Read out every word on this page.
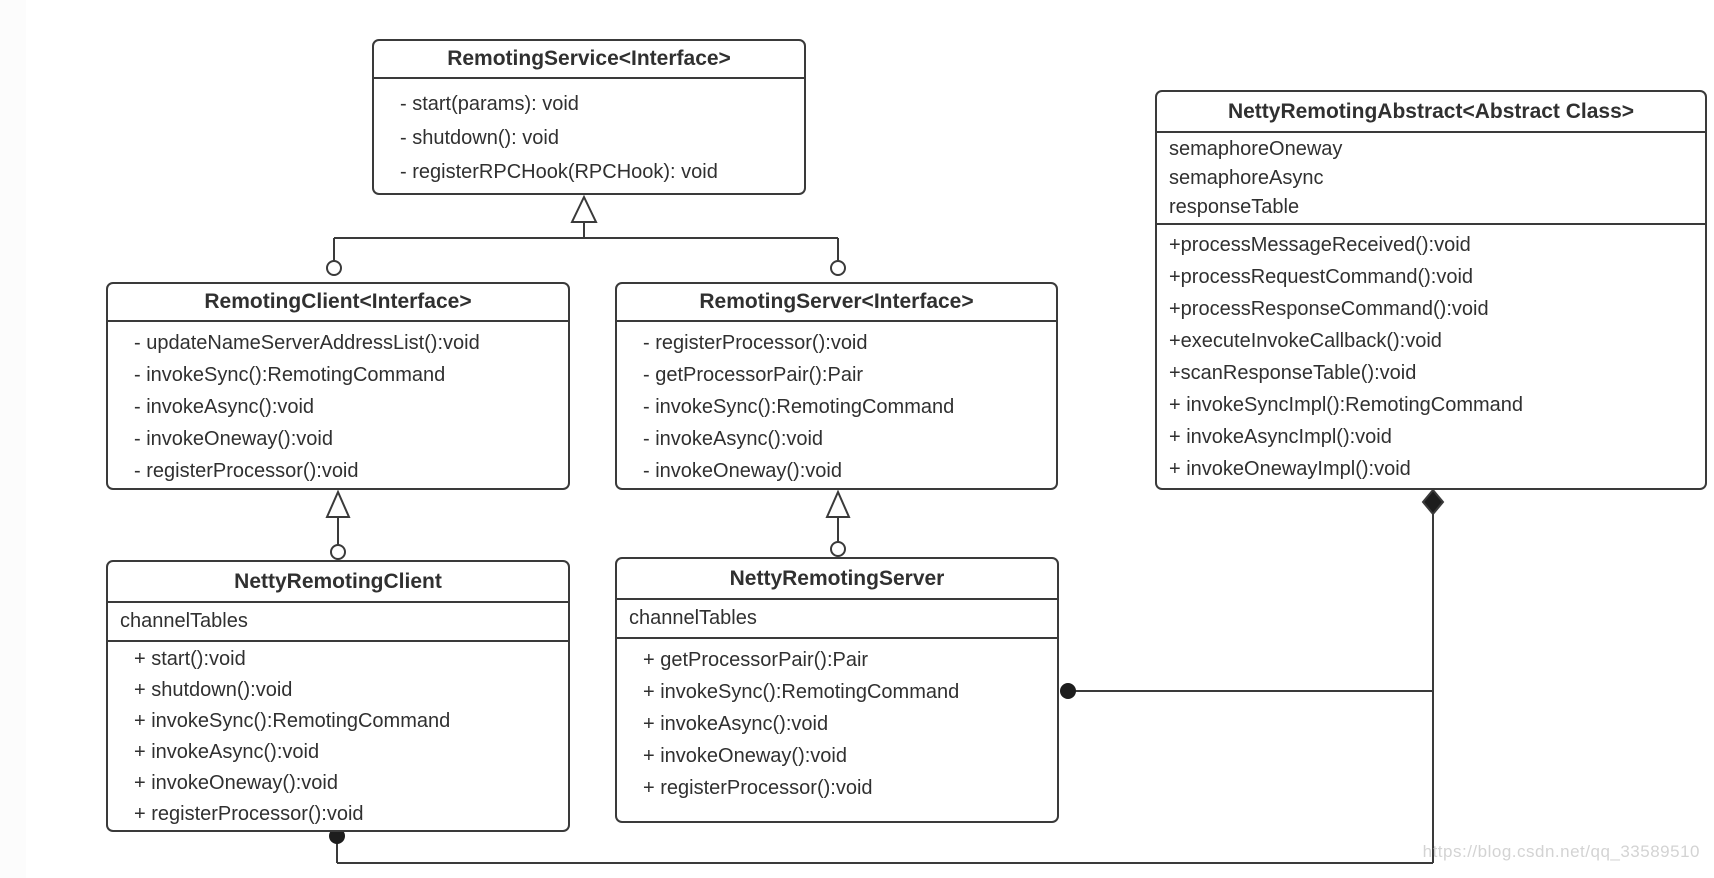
RemotingService<Interface>
- start(params): void
- shutdown(): void
- registerRPCHook(RPCHook): void
RemotingClient<Interface>
- updateNameServerAddressList():void
- invokeSync():RemotingCommand
- invokeAsync():void
- invokeOneway():void
- registerProcessor():void
RemotingServer<Interface>
- registerProcessor():void
- getProcessorPair():Pair
- invokeSync():RemotingCommand
- invokeAsync():void
- invokeOneway():void
NettyRemotingClient
channelTables
+ start():void
+ shutdown():void
+ invokeSync():RemotingCommand
+ invokeAsync():void
+ invokeOneway():void
+ registerProcessor():void
NettyRemotingServer
channelTables
+ getProcessorPair():Pair
+ invokeSync():RemotingCommand
+ invokeAsync():void
+ invokeOneway():void
+ registerProcessor():void
NettyRemotingAbstract<Abstract Class>
semaphoreOneway
semaphoreAsync
responseTable
+processMessageReceived():void
+processRequestCommand():void
+processResponseCommand():void
+executeInvokeCallback():void
+scanResponseTable():void
+ invokeSyncImpl():RemotingCommand
+ invokeAsyncImpl():void
+ invokeOnewayImpl():void
https://blog.csdn.net/qq_33589510
